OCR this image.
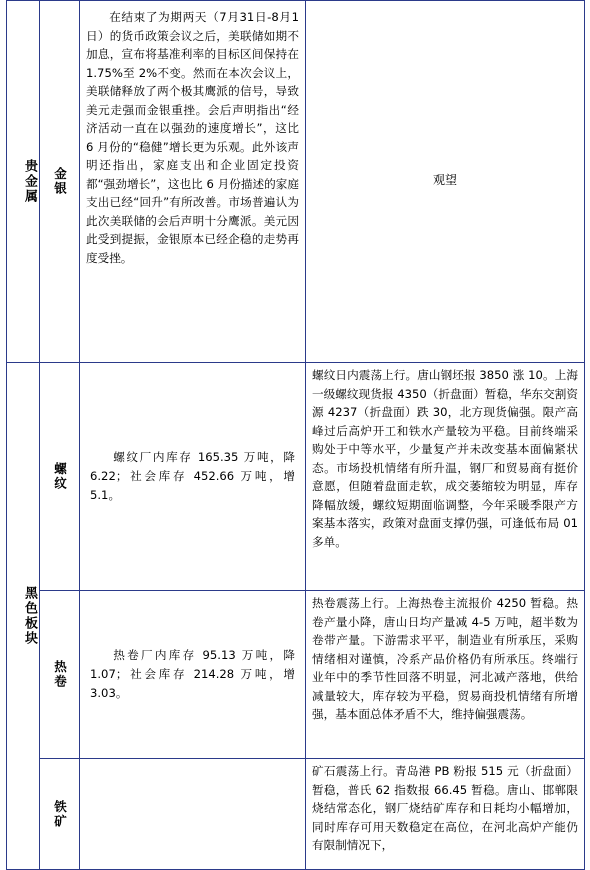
贵金属	金银	在结束了为期两天（7月31日-8月1日）的货币政策会议之后，美联储如期不加息，宣布将基准利率的目标区间保持在 1.75%至 2%不变。然而在本次会议上，美联储释放了两个极其鹰派的信号，导致美元走强而金银重挫。会后声明指出“经济活动一直在以强劲的速度增长”，这比 6 月份的“稳健”增长更为乐观。此外该声明还指出，家庭支出和企业固定投资都“强劲增长”，这也比 6 月份描述的家庭支出已经“回升”有所改善。市场普遍认为此次美联储的会后声明十分鹰派。美元因此受到提振，金银原本已经企稳的走势再度受挫。	观望

黑色板块	螺纹	螺纹厂内库存 165.35 万吨，降 6.22；社会库存 452.66 万吨，增 5.1。	螺纹日内震荡上行。唐山钢坯报 3850 涨 10。上海一级螺纹现货报 4350（折盘面）暂稳，华东交割资源 4237（折盘面）跌 30，北方现货偏强。限产高峰过后高炉开工和铁水产量较为平稳。目前终端采购处于中等水平，少量复产并未改变基本面偏紧状态。市场投机情绪有所升温，钢厂和贸易商有挺价意愿，但随着盘面走软，成交萎缩较为明显，库存降幅放缓，螺纹短期面临调整，今年采暖季限产方案基本落实，政策对盘面支撑仍强，可逢低布局 01 多单。

	热卷	热卷厂内库存 95.13 万吨，降 1.07；社会库存 214.28 万吨，增 3.03。	热卷震荡上行。上海热卷主流报价 4250 暂稳。热卷产量小降，唐山日均产量减 4-5 万吨，超半数为卷带产量。下游需求平平，制造业有所承压，采购情绪相对谨慎，冷系产品价格仍有所承压。终端行业年中的季节性回落不明显，河北减产落地，供给减量较大，库存较为平稳，贸易商投机情绪有所增强，基本面总体矛盾不大，维持偏强震荡。

	铁矿		矿石震荡上行。青岛港 PB 粉报 515 元（折盘面）暂稳，普氏 62 指数报 66.45 暂稳。唐山、邯郸限烧结常态化，钢厂烧结矿库存和日耗均小幅增加，同时库存可用天数稳定在高位，在河北高炉产能仍有限制情况下，
